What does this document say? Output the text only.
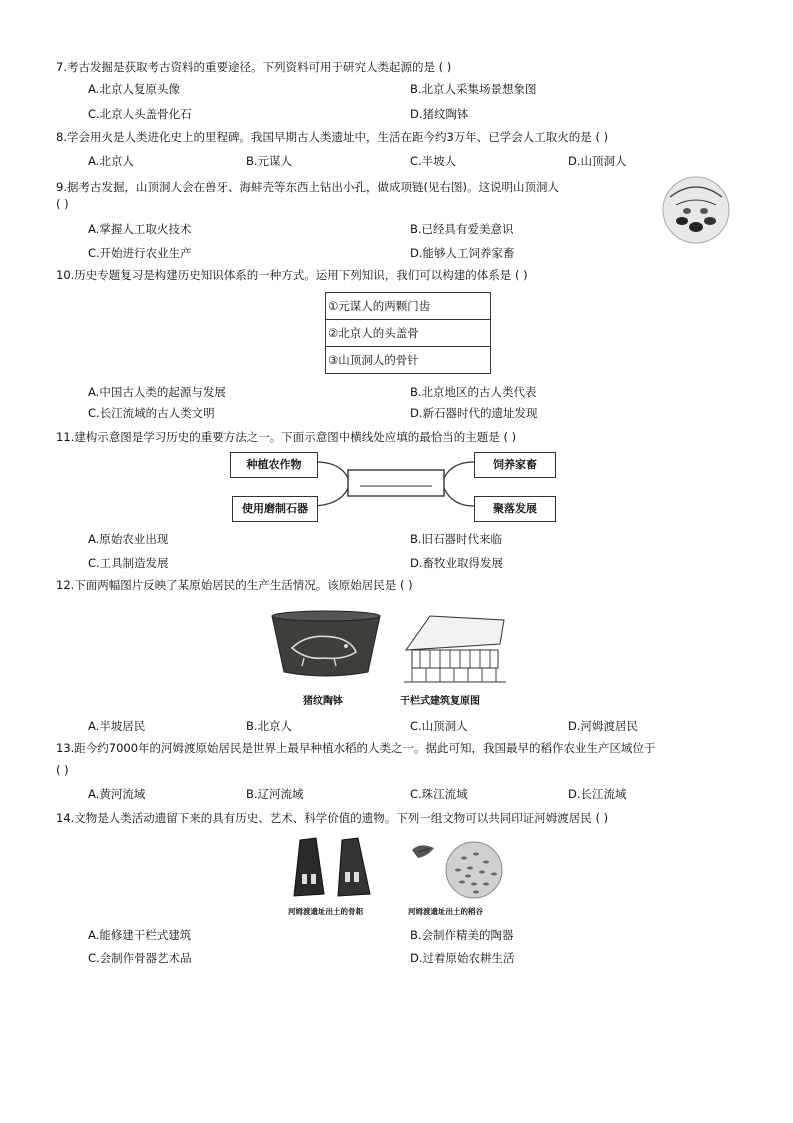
7.考古发掘是获取考古资料的重要途径。下列资料可用于研究人类起源的是 ( )
A.北京人复原头像	B.北京人采集场景想象图
C.北京人头盖骨化石	D.猪纹陶钵
8.学会用火是人类进化史上的里程碑。我国早期古人类遗址中，生活在距今约3万年、已学会人工取火的是 ( )
A.北京人	B.元谋人	C.半坡人	D.山顶洞人
9.据考古发掘，山顶洞人会在兽牙、海蚌壳等东西上钻出小孔，做成项链(见右图)。这说明山顶洞人
( )
A.掌握人工取火技术	B.已经具有爱美意识
C.开始进行农业生产	D.能够人工饲养家畜
10.历史专题复习是构建历史知识体系的一种方式。运用下列知识，我们可以构建的体系是 ( )
①元谋人的两颗门齿
②北京人的头盖骨
③山顶洞人的骨针
A.中国古人类的起源与发展	B.北京地区的古人类代表
C.长江流域的古人类文明	D.新石器时代的遗址发现
11.建构示意图是学习历史的重要方法之一。下面示意图中横线处应填的最恰当的主题是 ( )
种植农作物	饲养家畜
使用磨制石器	聚落发展
A.原始农业出现	B.旧石器时代来临
C.工具制造发展	D.畜牧业取得发展
12.下面两幅图片反映了某原始居民的生产生活情况。该原始居民是 ( )
猪纹陶钵	干栏式建筑复原图
A.半坡居民	B.北京人	C.山顶洞人	D.河姆渡居民
13.距今约7000年的河姆渡原始居民是世界上最早种植水稻的人类之一。据此可知，我国最早的稻作农业生产区域位于
( )
A.黄河流域	B.辽河流域	C.珠江流域	D.长江流域
14.文物是人类活动遗留下来的具有历史、艺术、科学价值的遗物。下列一组文物可以共同印证河姆渡居民 ( )
河姆渡遗址出土的骨耜	河姆渡遗址出土的稻谷
A.能修建干栏式建筑	B.会制作精美的陶器
C.会制作骨器艺术品	D.过着原始农耕生活
